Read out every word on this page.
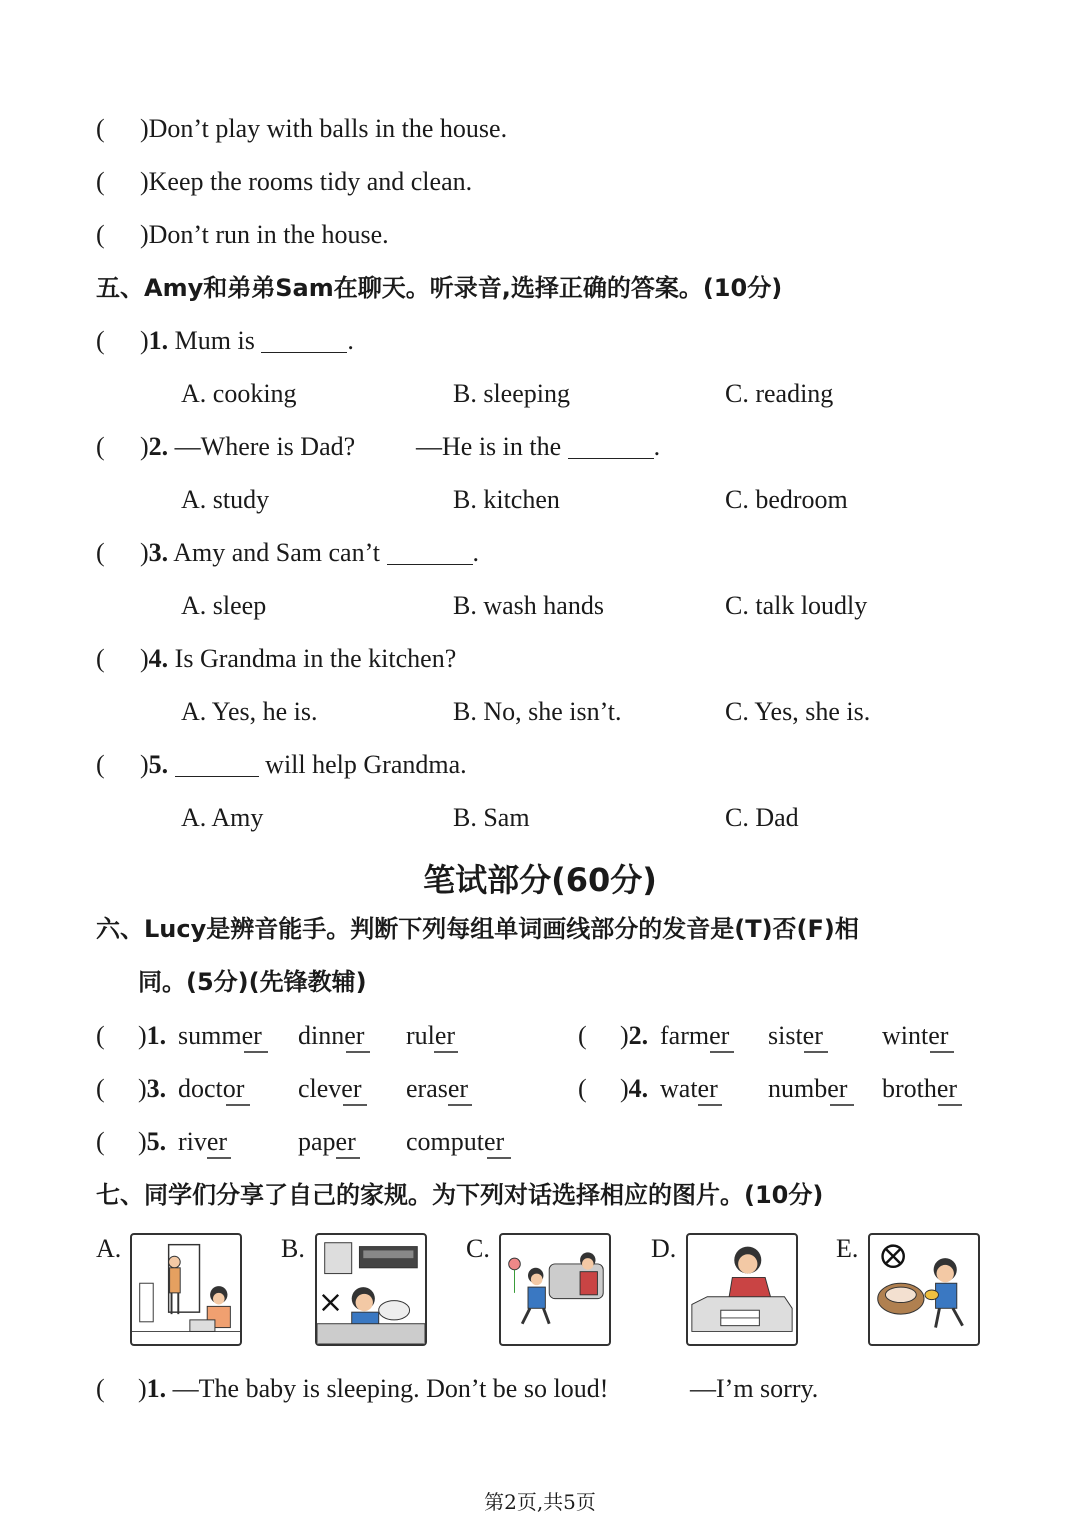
( )Don’t play with balls in the house.
( )Keep the rooms tidy and clean.
( )Don’t run in the house.
五、Amy和弟弟Sam在聊天。听录音,选择正确的答案。(10分)
( )1. Mum is	.
A. cooking	B. sleeping	C. reading
( )2. —Where is Dad? —He is in the	.
A. study	B. kitchen	C. bedroom
( )3. Amy and Sam can’t	.
A. sleep	B. wash hands	C. talk loudly
( )4. Is Grandma in the kitchen?
A. Yes, he is.	B. No, she isn’t.	C. Yes, she is.
( )5.	will help Grandma.
A. Amy	B. Sam	C. Dad
笔试部分(60分)
六、Lucy是辨音能手。判断下列每组单词画线部分的发音是(T)否(F)相
同。(5分)(先锋教辅)
( )1. summer dinner ruler	( )2. farmer sister winter
( )3. doctor clever eraser	( )4. water number brother
( )5. river	paper computer
七、同学们分享了自己的家规。为下列对话选择相应的图片。(10分)
A.	B.	C.	D.	E.
( )1. —The baby is sleeping. Don’t be so loud!	—I’m sorry.
第2页,共5页
